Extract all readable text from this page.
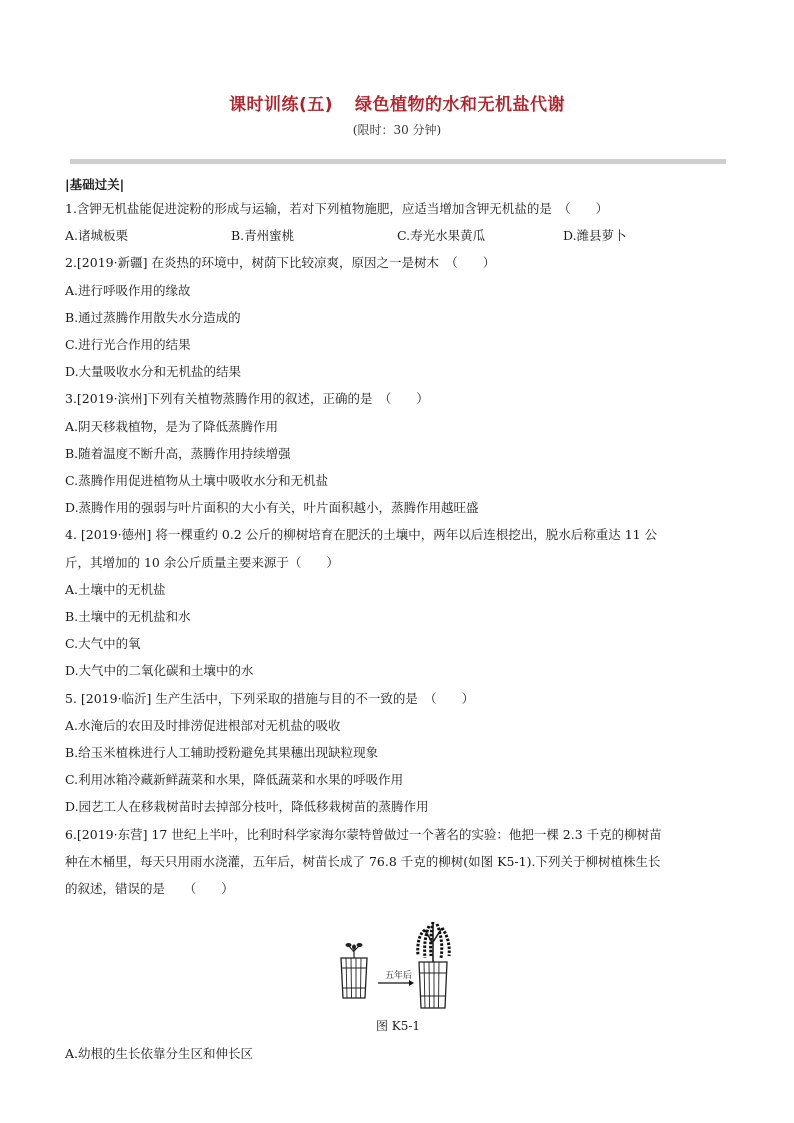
课时训练(五) 绿色植物的水和无机盐代谢
(限时：30 分钟)
|基础过关|
1.含钾无机盐能促进淀粉的形成与运输，若对下列植物施肥，应适当增加含钾无机盐的是　（　　）
A.诸城板栗	B.青州蜜桃	C.寿光水果黄瓜	D.潍县萝卜
2.[2019·新疆] 在炎热的环境中，树荫下比较凉爽，原因之一是树木　（　　）
A.进行呼吸作用的缘故
B.通过蒸腾作用散失水分造成的
C.进行光合作用的结果
D.大量吸收水分和无机盐的结果
3.[2019·滨州]下列有关植物蒸腾作用的叙述，正确的是　（　　）
A.阴天移栽植物，是为了降低蒸腾作用
B.随着温度不断升高，蒸腾作用持续增强
C.蒸腾作用促进植物从土壤中吸收水分和无机盐
D.蒸腾作用的强弱与叶片面积的大小有关，叶片面积越小，蒸腾作用越旺盛
4. [2019·德州] 将一棵重约 0.2 公斤的柳树培育在肥沃的土壤中，两年以后连根挖出，脱水后称重达 11 公
斤，其增加的 10 余公斤质量主要来源于（　　）
A.土壤中的无机盐
B.土壤中的无机盐和水
C.大气中的氧
D.大气中的二氧化碳和土壤中的水
5. [2019·临沂] 生产生活中，下列采取的措施与目的不一致的是　（　　）
A.水淹后的农田及时排涝促进根部对无机盐的吸收
B.给玉米植株进行人工辅助授粉避免其果穗出现缺粒现象
C.利用冰箱冷藏新鲜蔬菜和水果，降低蔬菜和水果的呼吸作用
D.园艺工人在移栽树苗时去掉部分枝叶，降低移栽树苗的蒸腾作用
6.[2019·东营] 17 世纪上半叶，比利时科学家海尔蒙特曾做过一个著名的实验：他把一棵 2.3 千克的柳树苗
种在木桶里，每天只用雨水浇灌，五年后，树苗长成了 76.8 千克的柳树(如图 K5-1).下列关于柳树植株生长
的叙述，错误的是　　（　　）
五年后
图 K5-1
A.幼根的生长依靠分生区和伸长区
